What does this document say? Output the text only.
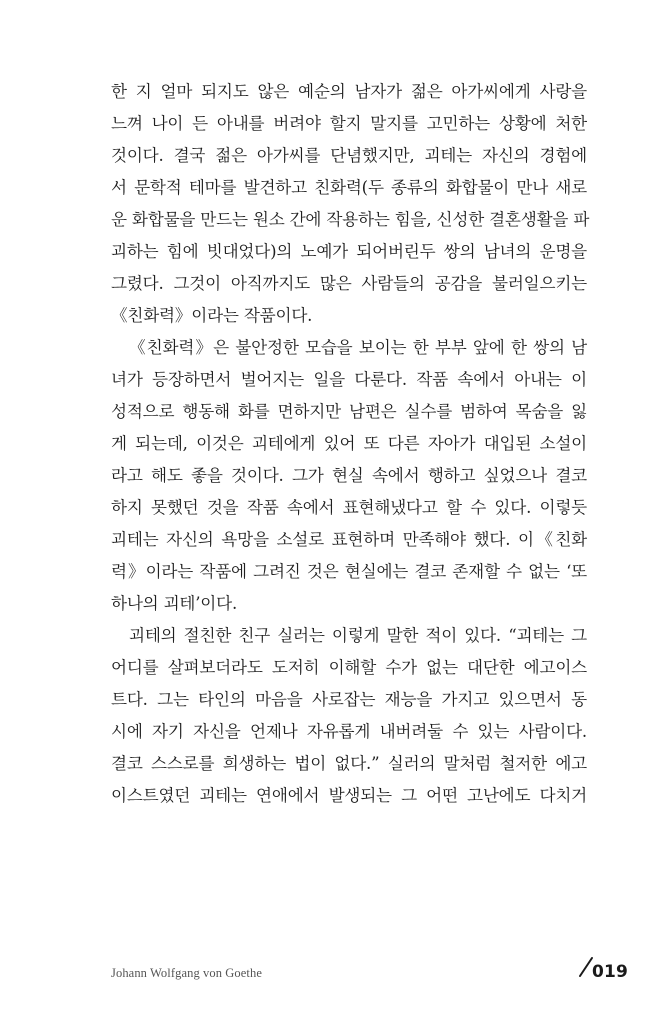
한 지 얼마 되지도 않은 예순의 남자가 젊은 아가씨에게 사랑을
느껴 나이 든 아내를 버려야 할지 말지를 고민하는 상황에 처한
것이다. 결국 젊은 아가씨를 단념했지만, 괴테는 자신의 경험에
서 문학적 테마를 발견하고 친화력(두 종류의 화합물이 만나 새로
운 화합물을 만드는 원소 간에 작용하는 힘을, 신성한 결혼생활을 파
괴하는 힘에 빗대었다)의 노예가 되어버린두 쌍의 남녀의 운명을
그렸다. 그것이 아직까지도 많은 사람들의 공감을 불러일으키는
《친화력》이라는 작품이다.
《친화력》은 불안정한 모습을 보이는 한 부부 앞에 한 쌍의 남
녀가 등장하면서 벌어지는 일을 다룬다. 작품 속에서 아내는 이
성적으로 행동해 화를 면하지만 남편은 실수를 범하여 목숨을 잃
게 되는데, 이것은 괴테에게 있어 또 다른 자아가 대입된 소설이
라고 해도 좋을 것이다. 그가 현실 속에서 행하고 싶었으나 결코
하지 못했던 것을 작품 속에서 표현해냈다고 할 수 있다. 이렇듯
괴테는 자신의 욕망을 소설로 표현하며 만족해야 했다. 이《친화
력》이라는 작품에 그려진 것은 현실에는 결코 존재할 수 없는 ‘또
하나의 괴테’이다.
괴테의 절친한 친구 실러는 이렇게 말한 적이 있다. “괴테는 그
어디를 살펴보더라도 도저히 이해할 수가 없는 대단한 에고이스
트다. 그는 타인의 마음을 사로잡는 재능을 가지고 있으면서 동
시에 자기 자신을 언제나 자유롭게 내버려둘 수 있는 사람이다.
결코 스스로를 희생하는 법이 없다.” 실러의 말처럼 철저한 에고
이스트였던 괴테는 연애에서 발생되는 그 어떤 고난에도 다치거
Johann Wolfgang von Goethe	019
